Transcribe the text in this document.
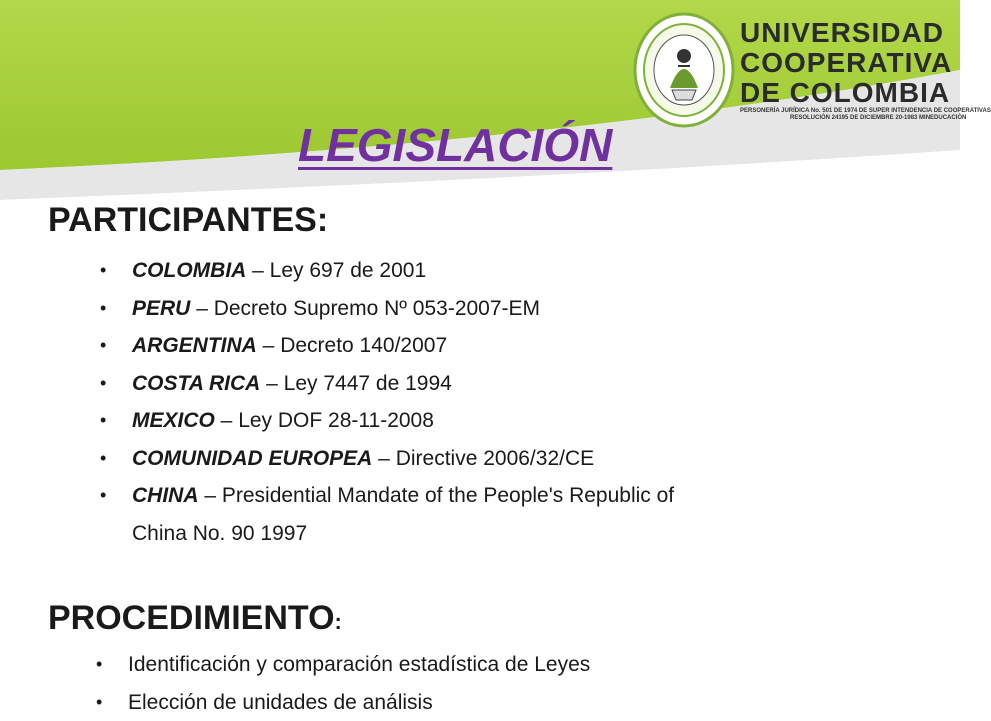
UNIVERSIDAD
COOPERATIVA
DE COLOMBIA
PERSONERÍA JURÍDICA No. 501 DE 1974 DE SUPER INTENDENCIA DE COOPERATIVAS
RESOLUCIÓN 24195 DE DICIEMBRE 20-1983 MINEDUCACIÓN
LEGISLACIÓN
PARTICIPANTES:
• COLOMBIA – Ley 697 de 2001
• PERU – Decreto Supremo Nº 053-2007-EM
• ARGENTINA – Decreto 140/2007
• COSTA RICA – Ley 7447 de 1994
• MEXICO – Ley DOF 28-11-2008
• COMUNIDAD EUROPEA – Directive 2006/32/CE
• CHINA – Presidential Mandate of the People's Republic of
China No. 90 1997
PROCEDIMIENTO:
• Identificación y comparación estadística de Leyes
• Elección de unidades de análisis
